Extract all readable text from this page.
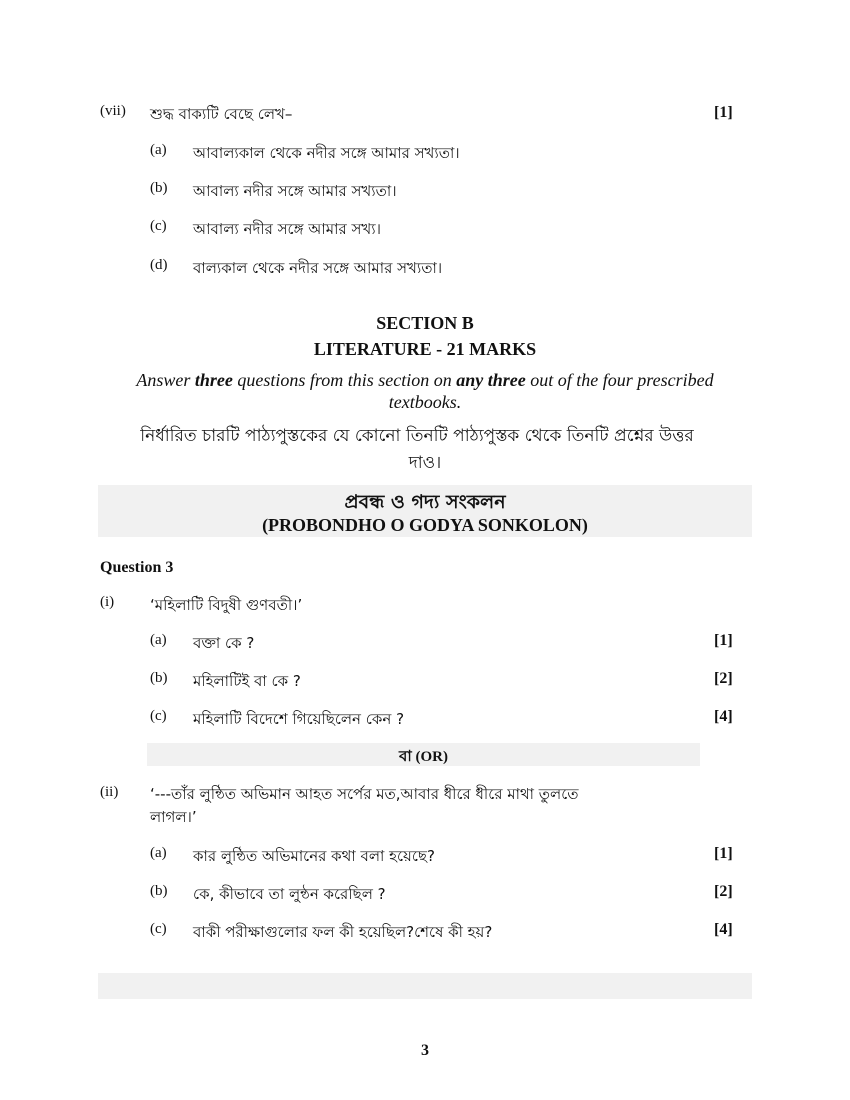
(vii) শুদ্ধ বাক্যটি বেছে লেখ–	[1]
(a) আবাল্যকাল থেকে নদীর সঙ্গে আমার সখ্যতা।
(b) আবাল্য নদীর সঙ্গে আমার সখ্যতা।
(c) আবাল্য নদীর সঙ্গে আমার সখ্য।
(d) বাল্যকাল থেকে নদীর সঙ্গে আমার সখ্যতা।
SECTION B
LITERATURE - 21 MARKS
Answer three questions from this section on any three out of the four prescribed
textbooks.
নির্ধারিত চারটি পাঠ্যপুস্তকের যে কোনো তিনটি পাঠ্যপুস্তক থেকে তিনটি প্রশ্নের উত্তর
দাও।
প্রবন্ধ ও গদ্য সংকলন
(PROBONDHO O GODYA SONKOLON)
Question 3
(i) ‘মহিলাটি বিদুষী গুণবতী।’
(a) বক্তা কে ?	[1]
(b) মহিলাটিই বা কে ?	[2]
(c) মহিলাটি বিদেশে গিয়েছিলেন কেন ?	[4]
বা (OR)
(ii) ‘---তাঁর লুন্ঠিত অভিমান আহত সর্পের মত,আবার ধীরে ধীরে মাথা তুলতে
লাগল।’
(a) কার লুন্ঠিত অভিমানের কথা বলা হয়েছে?	[1]
(b) কে, কীভাবে তা লুন্ঠন করেছিল ?	[2]
(c) বাকী পরীক্ষাগুলোর ফল কী হয়েছিল?শেষে কী হয়?	[4]
3
